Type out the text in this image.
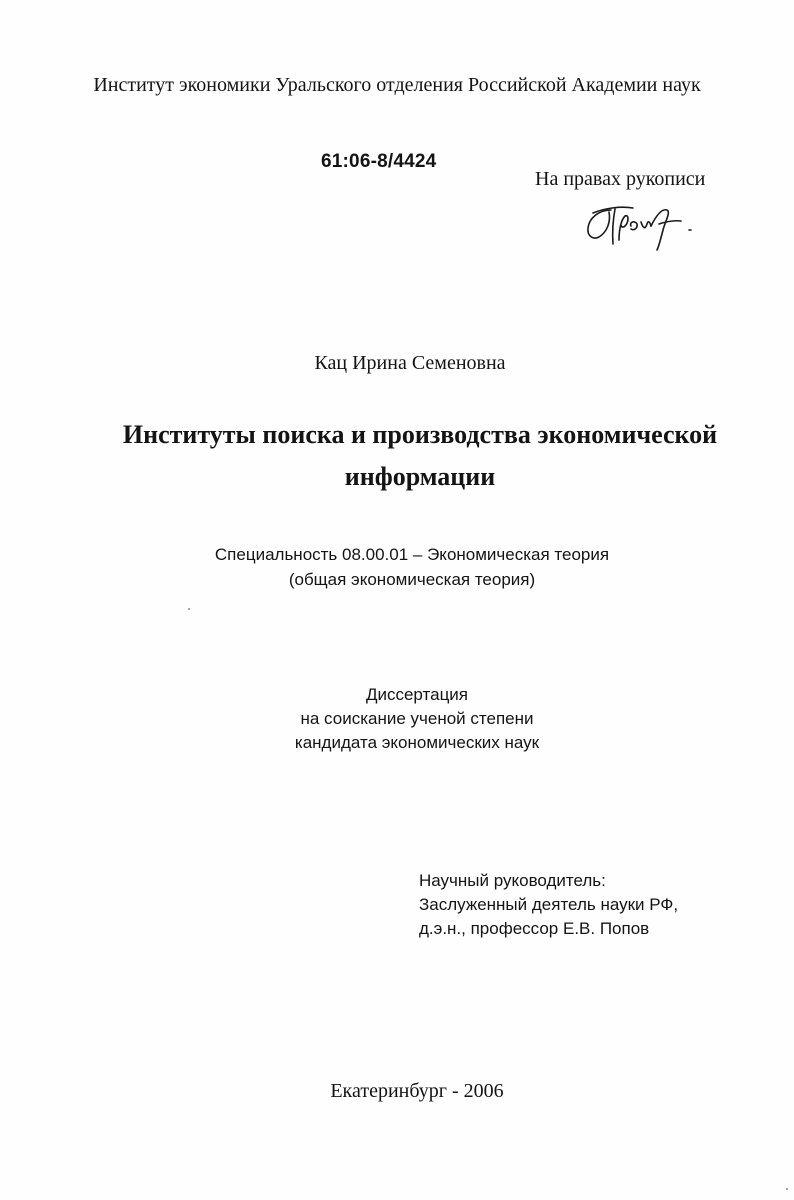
Институт экономики Уральского отделения Российской Академии наук
61:06-8/4424
На правах рукописи
Кац Ирина Семеновна
Институты поиска и производства экономической
информации
Специальность 08.00.01 – Экономическая теория
(общая экономическая теория)
Диссертация
на соискание ученой степени
кандидата экономических наук
Научный руководитель:
Заслуженный деятель науки РФ,
д.э.н., профессор Е.В. Попов
Екатеринбург - 2006
